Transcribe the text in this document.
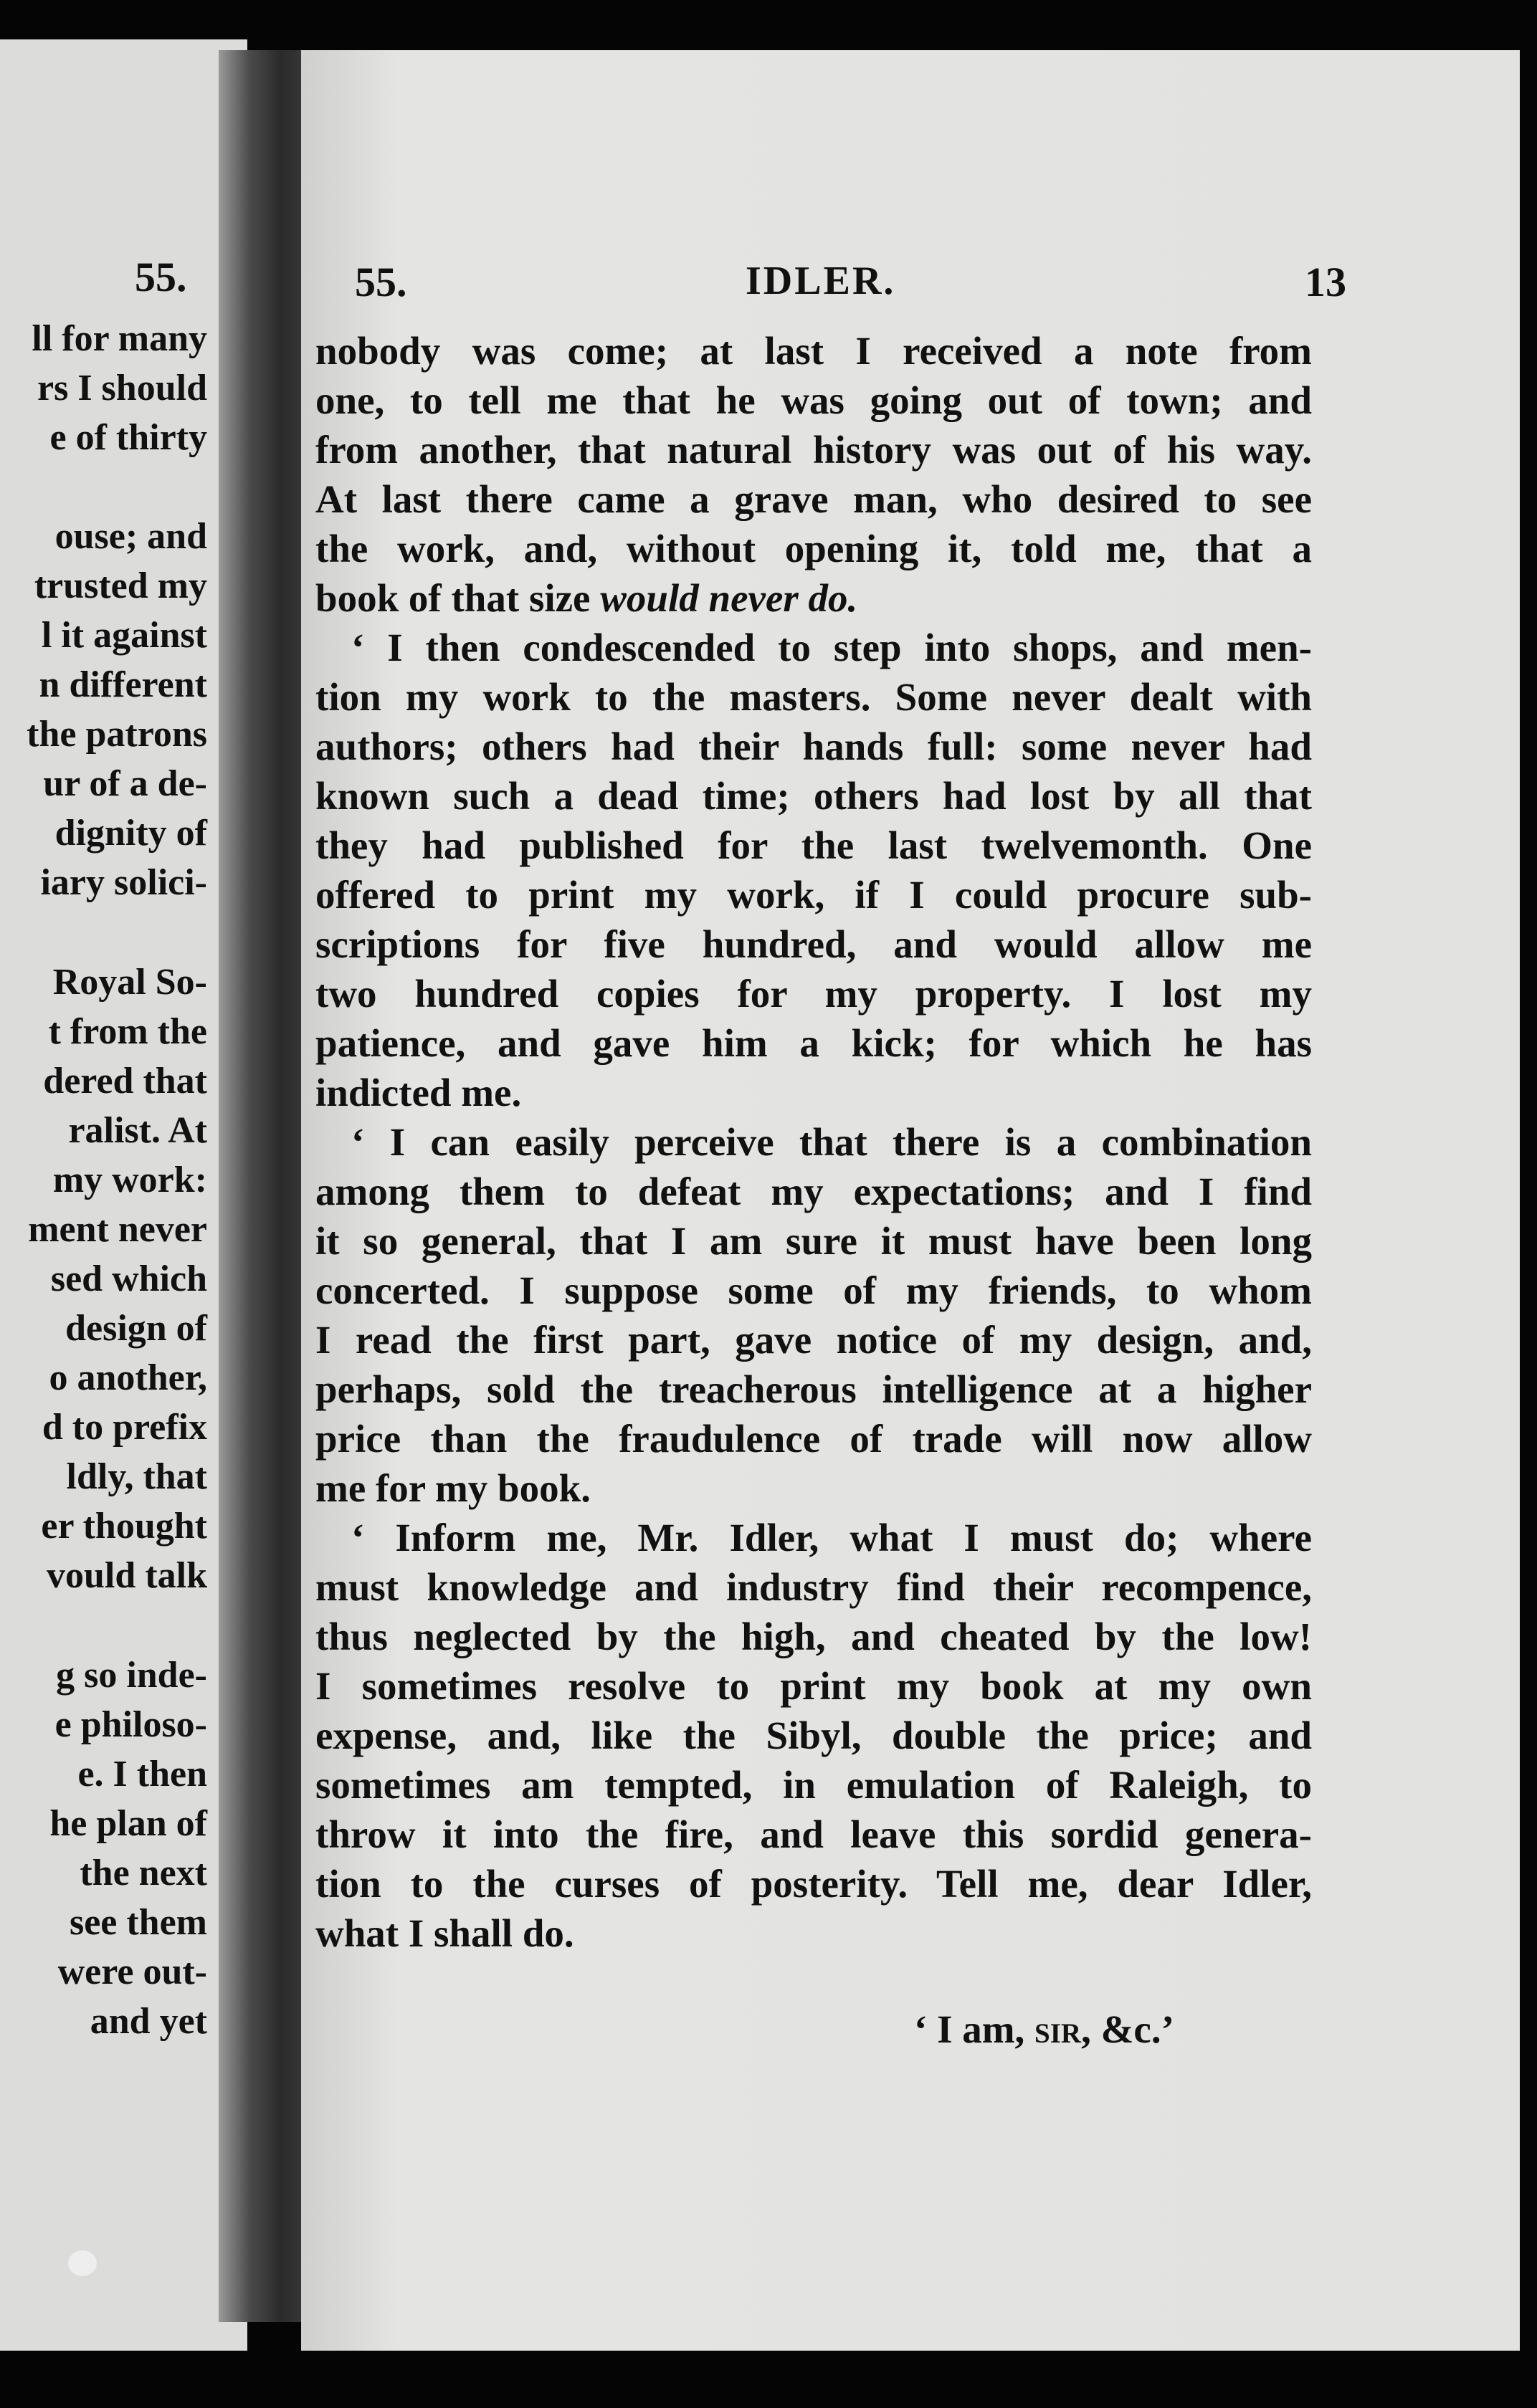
55.
ll for many
rs I should
e of thirty
ouse; and
trusted my
l it against
n different
the patrons
ur of a de-
dignity of
iary solici-
Royal So-
t from the
dered that
ralist. At
my work:
ment never
sed which
design of
o another,
d to prefix
ldly, that
er thought
vould talk
g so inde-
e philoso-
e. I then
he plan of
the next
see them
were out-
and yet
55.	IDLER.	13
nobody was come; at last I received a note from
one, to tell me that he was going out of town; and
from another, that natural history was out of his way.
At last there came a grave man, who desired to see
the work, and, without opening it, told me, that a
book of that size would never do.
‘ I then condescended to step into shops, and men-
tion my work to the masters. Some never dealt with
authors; others had their hands full: some never had
known such a dead time; others had lost by all that
they had published for the last twelvemonth. One
offered to print my work, if I could procure sub-
scriptions for five hundred, and would allow me
two hundred copies for my property. I lost my
patience, and gave him a kick; for which he has
indicted me.
‘ I can easily perceive that there is a combination
among them to defeat my expectations; and I find
it so general, that I am sure it must have been long
concerted. I suppose some of my friends, to whom
I read the first part, gave notice of my design, and,
perhaps, sold the treacherous intelligence at a higher
price than the fraudulence of trade will now allow
me for my book.
‘ Inform me, Mr. Idler, what I must do; where
must knowledge and industry find their recompence,
thus neglected by the high, and cheated by the low!
I sometimes resolve to print my book at my own
expense, and, like the Sibyl, double the price; and
sometimes am tempted, in emulation of Raleigh, to
throw it into the fire, and leave this sordid genera-
tion to the curses of posterity. Tell me, dear Idler,
what I shall do.
‘ I am, sir, &c.’
